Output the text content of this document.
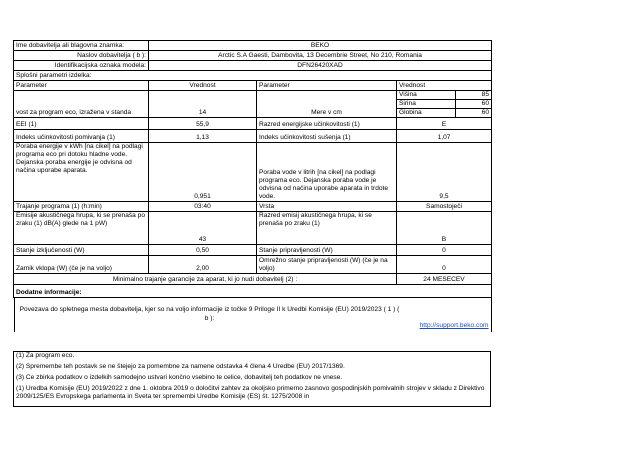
Ime dobavitelja ali blagovna znamka:	BEKO			
Naslov dobavitelja ( b ):	Arctic S.A Gaesti, Dambovita, 13 Decembrie Street, No 210, Romania			
Identifikacijska oznaka modela:	DFN26420XAD			
Splošni parametri izdelka:				
Parameter	Vrednost	Parameter	Vrednost	
vost za program eco, izražena v standa	14	Mere v cm	Višina	85
			Širina	60
			Globina	60
EEI (1)	55,9	Razred energijske učinkovitosti (1)	E	
Indeks učinkovitosti pomivanja (1)	1,13	Indeks učinkovitosti sušenja (1)	1,07	
Poraba energije v kWh [na cikel] na podlagi programa eco pri dotoku hladne vode. Dejanska poraba energije je odvisna od načina uporabe aparata.	0,951	Poraba vode v litrih [na cikel] na podlagi programa eco. Dejanska poraba vode je odvisna od načina uporabe aparata in trdote vode.	9,5	
Trajanje programa (1) (h:min)	03:40	Vrsta	Samostoječi	
Emisije akustičnega hrupa, ki se prenaša po zraku (1) dB(A) glede na 1 pW)	43	Razred emisij akustičnega hrupa, ki se prenaša po zraku (1)	B	
Stanje izključenosti (W)	0,50	Stanje pripravljenosti (W)	0	
Zamik vklopa (W) (če je na voljo)	2,00	Omrežno stanje pripravljenosti (W) (če je na voljo)	0	
Minimalno trajanje garancije za aparat, ki jo nudi dobavitelj (2) :			24 MESECEV	
Dodatne informacije:				

Povezava do spletnega mesta dobavitelja, kjer so na voljo informacije iz točke 9 Priloge II k Uredbi Komisije (EU) 2019/2023 ( 1 ) ( b ):
http://support.beko.com				
(1) Za program eco.
(2) Spremembe teh postavk se ne štejejo za pomembne za namene odstavka 4 člena 4 Uredbe (EU) 2017/1369.
(3) Če zbirka podatkov o izdelkih samodejno ustvari končno vsebino te celice, dobavitelj teh podatkov ne vnese.
(1) Uredba Komisije (EU) 2019/2022 z dne 1. oktobra 2019 o določitvi zahtev za okoljsko primerno zasnovo gospodinjskih pomivalnih strojev v skladu z Direktivo 2009/125/ES Evropskega parlamenta in Sveta ter spremembi Uredbe Komisije (ES) št. 1275/2008 in
